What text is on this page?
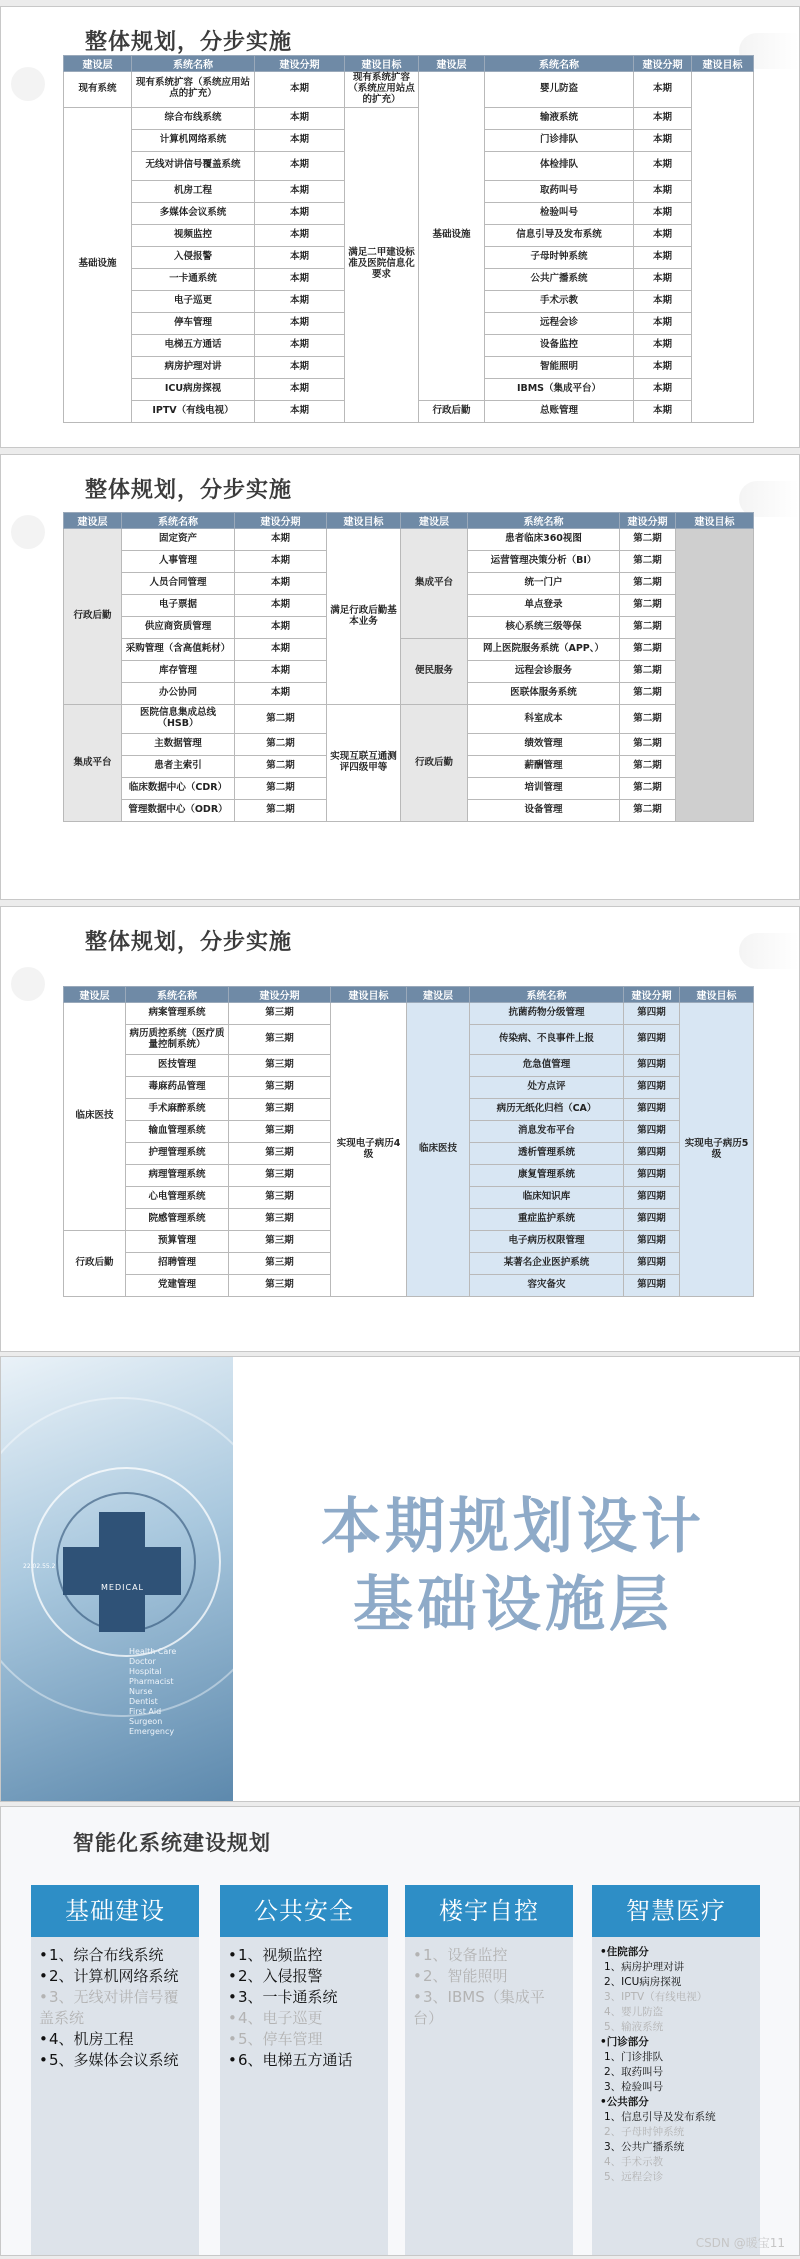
整体规划，分步实施
建设层	系统名称	建设分期	建设目标	建设层	系统名称	建设分期	建设目标
现有系统	现有系统扩容（系统应用站点的扩充）	本期	现有系统扩容（系统应用站点的扩充）	基础设施	婴儿防盗	本期	
基础设施	综合布线系统	本期	满足二甲建设标准及医院信息化要求		输液系统	本期	
	计算机网络系统	本期			门诊排队	本期	
	无线对讲信号覆盖系统	本期			体检排队	本期	
	机房工程	本期			取药叫号	本期	
	多媒体会议系统	本期			检验叫号	本期	
	视频监控	本期			信息引导及发布系统	本期	
	入侵报警	本期			子母时钟系统	本期	
	一卡通系统	本期			公共广播系统	本期	
	电子巡更	本期			手术示教	本期	
	停车管理	本期			远程会诊	本期	
	电梯五方通话	本期			设备监控	本期	
	病房护理对讲	本期			智能照明	本期	
	ICU病房探视	本期			IBMS（集成平台）	本期	
	IPTV（有线电视）	本期		行政后勤	总账管理	本期	
整体规划，分步实施
建设层	系统名称	建设分期	建设目标	建设层	系统名称	建设分期	建设目标
行政后勤	固定资产	本期	满足行政后勤基本业务	集成平台	患者临床360视图	第二期	
	人事管理	本期			运营管理决策分析（BI）	第二期	
	人员合同管理	本期			统一门户	第二期	
	电子票据	本期			单点登录	第二期	
	供应商资质管理	本期			核心系统三级等保	第二期	
	采购管理（含高值耗材）	本期		便民服务	网上医院服务系统（APP、）	第二期	
	库存管理	本期			远程会诊服务	第二期	
	办公协同	本期			医联体服务系统	第二期	
集成平台	医院信息集成总线（HSB）	第二期	实现互联互通测评四级甲等	行政后勤	科室成本	第二期	
	主数据管理	第二期			绩效管理	第二期	
	患者主索引	第二期			薪酬管理	第二期	
	临床数据中心（CDR）	第二期			培训管理	第二期	
	管理数据中心（ODR）	第二期			设备管理	第二期	
整体规划，分步实施
建设层	系统名称	建设分期	建设目标	建设层	系统名称	建设分期	建设目标
临床医技	病案管理系统	第三期	实现电子病历4级	临床医技	抗菌药物分级管理	第四期	实现电子病历5级
	病历质控系统（医疗质量控制系统）	第三期			传染病、不良事件上报	第四期	
	医技管理	第三期			危急值管理	第四期	
	毒麻药品管理	第三期			处方点评	第四期	
	手术麻醉系统	第三期			病历无纸化归档（CA）	第四期	
	输血管理系统	第三期			消息发布平台	第四期	
	护理管理系统	第三期			透析管理系统	第四期	
	病理管理系统	第三期			康复管理系统	第四期	
	心电管理系统	第三期			临床知识库	第四期	
	院感管理系统	第三期			重症监护系统	第四期	
行政后勤	预算管理	第三期			电子病历权限管理	第四期	
	招聘管理	第三期			某著名企业医护系统	第四期	
	党建管理	第三期			容灾备灾	第四期	
MEDICAL
22.02.55.2
Health Care
Doctor
Hospital
Pharmacist
Nurse
Dentist
First Aid
Surgeon
Emergency
本期规划设计
基础设施层
智能化系统建设规划
基础建设
•1、综合布线系统
•2、计算机网络系统
•3、无线对讲信号覆盖系统
•4、机房工程
•5、多媒体会议系统
公共安全
•1、视频监控
•2、入侵报警
•3、一卡通系统
•4、电子巡更
•5、停车管理
•6、电梯五方通话
楼宇自控
•1、设备监控
•2、智能照明
•3、IBMS（集成平台）
智慧医疗
•住院部分
1、病房护理对讲
2、ICU病房探视
3、IPTV（有线电视）
4、婴儿防盗
5、输液系统
•门诊部分
1、门诊排队
2、取药叫号
3、检验叫号
•公共部分
1、信息引导及发布系统
2、子母时钟系统
3、公共广播系统
4、手术示教
5、远程会诊
CSDN @暖宝11
